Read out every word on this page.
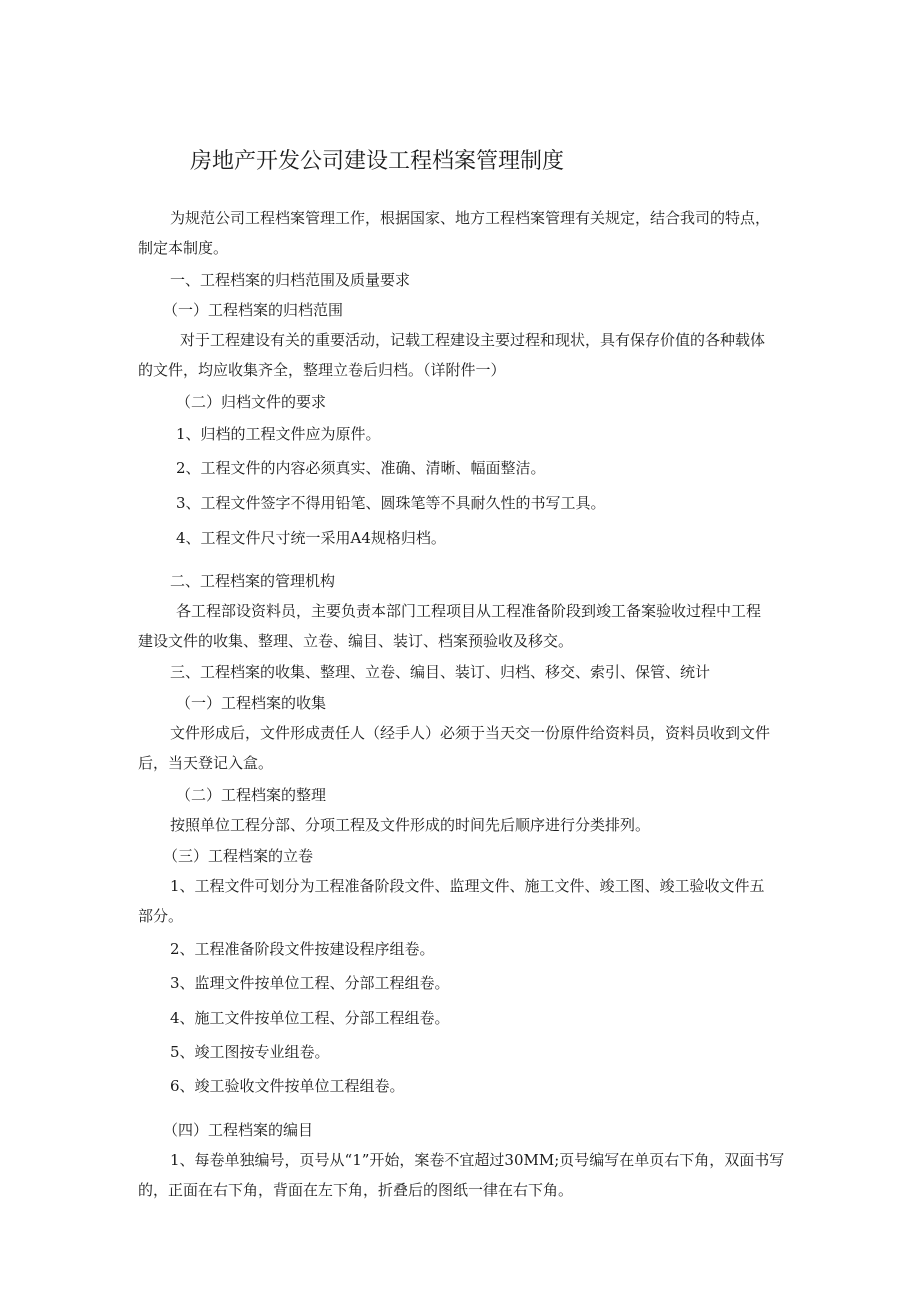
房地产开发公司建设工程档案管理制度
为规范公司工程档案管理工作，根据国家、地方工程档案管理有关规定，结合我司的特点，
制定本制度。
一、工程档案的归档范围及质量要求
（一）工程档案的归档范围
对于工程建设有关的重要活动，记载工程建设主要过程和现状，具有保存价值的各种载体
的文件，均应收集齐全，整理立卷后归档。（详附件一）
（二）归档文件的要求
1、归档的工程文件应为原件。
2、工程文件的内容必须真实、准确、清晰、幅面整洁。
3、工程文件签字不得用铅笔、圆珠笔等不具耐久性的书写工具。
4、工程文件尺寸统一采用A4规格归档。
二、工程档案的管理机构
各工程部设资料员，主要负责本部门工程项目从工程准备阶段到竣工备案验收过程中工程
建设文件的收集、整理、立卷、编目、装订、档案预验收及移交。
三、工程档案的收集、整理、立卷、编目、装订、归档、移交、索引、保管、统计
（一）工程档案的收集
文件形成后，文件形成责任人（经手人）必须于当天交一份原件给资料员，资料员收到文件
后，当天登记入盒。
（二）工程档案的整理
按照单位工程分部、分项工程及文件形成的时间先后顺序进行分类排列。
（三）工程档案的立卷
1、工程文件可划分为工程准备阶段文件、监理文件、施工文件、竣工图、竣工验收文件五
部分。
2、工程准备阶段文件按建设程序组卷。
3、监理文件按单位工程、分部工程组卷。
4、施工文件按单位工程、分部工程组卷。
5、竣工图按专业组卷。
6、竣工验收文件按单位工程组卷。
（四）工程档案的编目
1、每卷单独编号，页号从“1”开始，案卷不宜超过30MM;页号编写在单页右下角，双面书写
的，正面在右下角，背面在左下角，折叠后的图纸一律在右下角。
